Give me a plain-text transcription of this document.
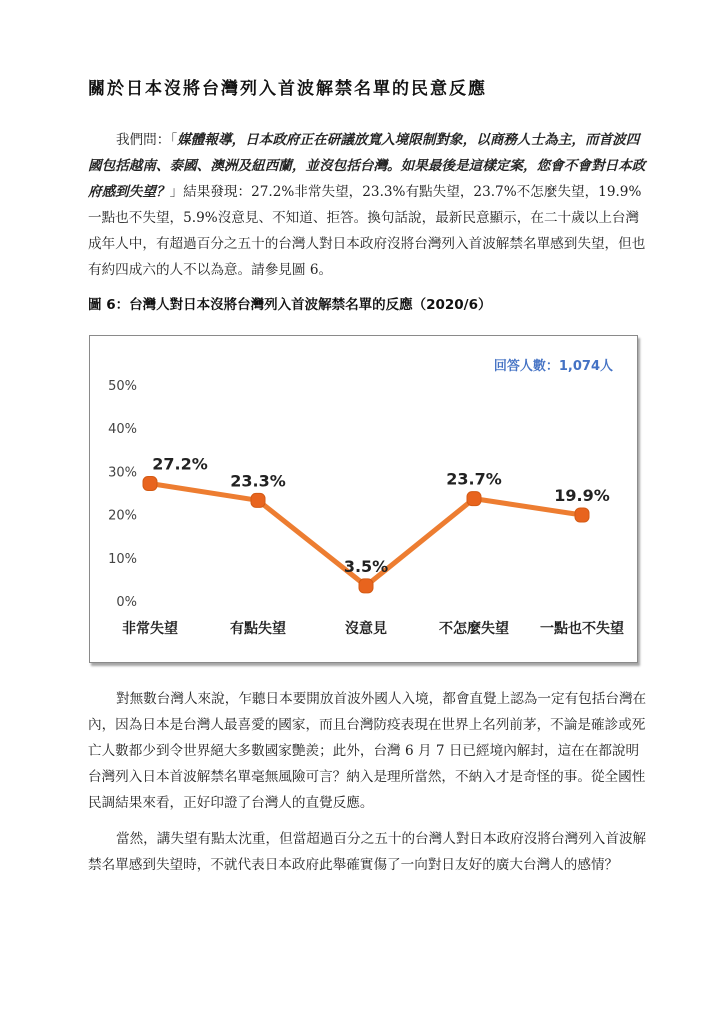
關於日本沒將台灣列入首波解禁名單的民意反應
我們問：「媒體報導，日本政府正在研議放寬入境限制對象，以商務人士為主，而首波四國包括越南、泰國、澳洲及紐西蘭，並沒包括台灣。如果最後是這樣定案，您會不會對日本政府感到失望？」結果發現：27.2%非常失望，23.3%有點失望，23.7%不怎麼失望，19.9%一點也不失望，5.9%沒意見、不知道、拒答。換句話說，最新民意顯示，在二十歲以上台灣成年人中，有超過百分之五十的台灣人對日本政府沒將台灣列入首波解禁名單感到失望，但也有約四成六的人不以為意。請參見圖 6。
圖 6：台灣人對日本沒將台灣列入首波解禁名單的反應（2020/6）
回答人數：1,074人
0%
10%
20%
30%
40%
50%
27.2%
非常失望
23.3%
有點失望
3.5%
沒意見
23.7%
不怎麼失望
19.9%
一點也不失望
對無數台灣人來說，乍聽日本要開放首波外國人入境，都會直覺上認為一定有包括台灣在內，因為日本是台灣人最喜愛的國家，而且台灣防疫表現在世界上名列前茅，不論是確診或死亡人數都少到令世界絕大多數國家艷羨；此外，台灣 6 月 7 日已經境內解封，這在在都說明台灣列入日本首波解禁名單毫無風險可言？納入是理所當然，不納入才是奇怪的事。從全國性民調結果來看，正好印證了台灣人的直覺反應。
當然，講失望有點太沈重，但當超過百分之五十的台灣人對日本政府沒將台灣列入首波解禁名單感到失望時，不就代表日本政府此舉確實傷了一向對日友好的廣大台灣人的感情？
